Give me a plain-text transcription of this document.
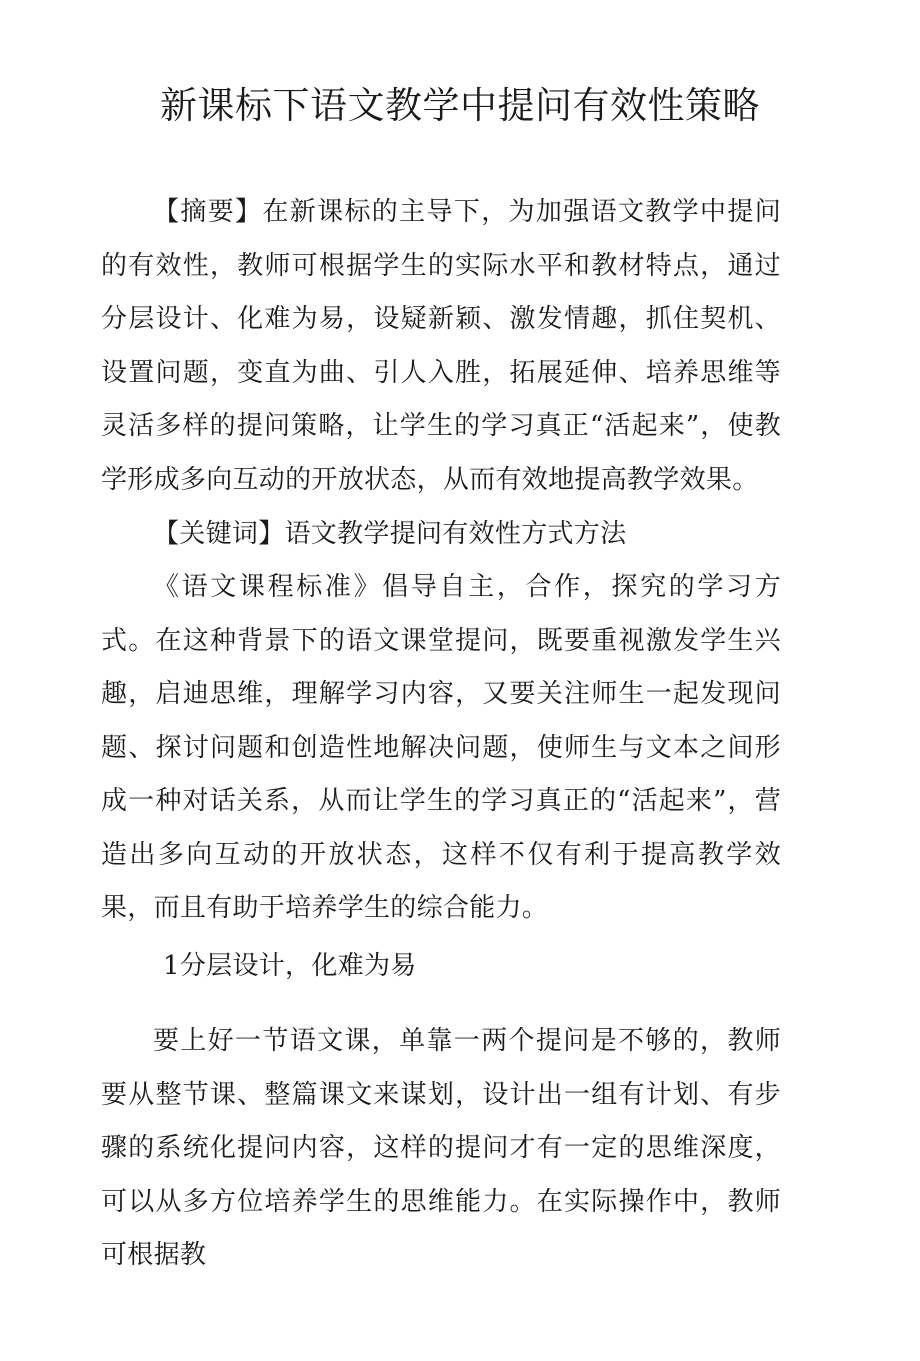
新课标下语文教学中提问有效性策略

【摘要】在新课标的主导下，为加强语文教学中提问的有效性，教师可根据学生的实际水平和教材特点，通过分层设计、化难为易，设疑新颖、激发情趣，抓住契机、设置问题，变直为曲、引人入胜，拓展延伸、培养思维等灵活多样的提问策略，让学生的学习真正“活起来”，使教学形成多向互动的开放状态，从而有效地提高教学效果。

【关键词】语文教学提问有效性方式方法

《语文课程标准》倡导自主，合作，探究的学习方式。在这种背景下的语文课堂提问，既要重视激发学生兴趣，启迪思维，理解学习内容，又要关注师生一起发现问题、探讨问题和创造性地解决问题，使师生与文本之间形成一种对话关系，从而让学生的学习真正的“活起来”，营造出多向互动的开放状态，这样不仅有利于提高教学效果，而且有助于培养学生的综合能力。

1分层设计，化难为易

要上好一节语文课，单靠一两个提问是不够的，教师要从整节课、整篇课文来谋划，设计出一组有计划、有步骤的系统化提问内容，这样的提问才有一定的思维深度，可以从多方位培养学生的思维能力。在实际操作中，教师可根据教
